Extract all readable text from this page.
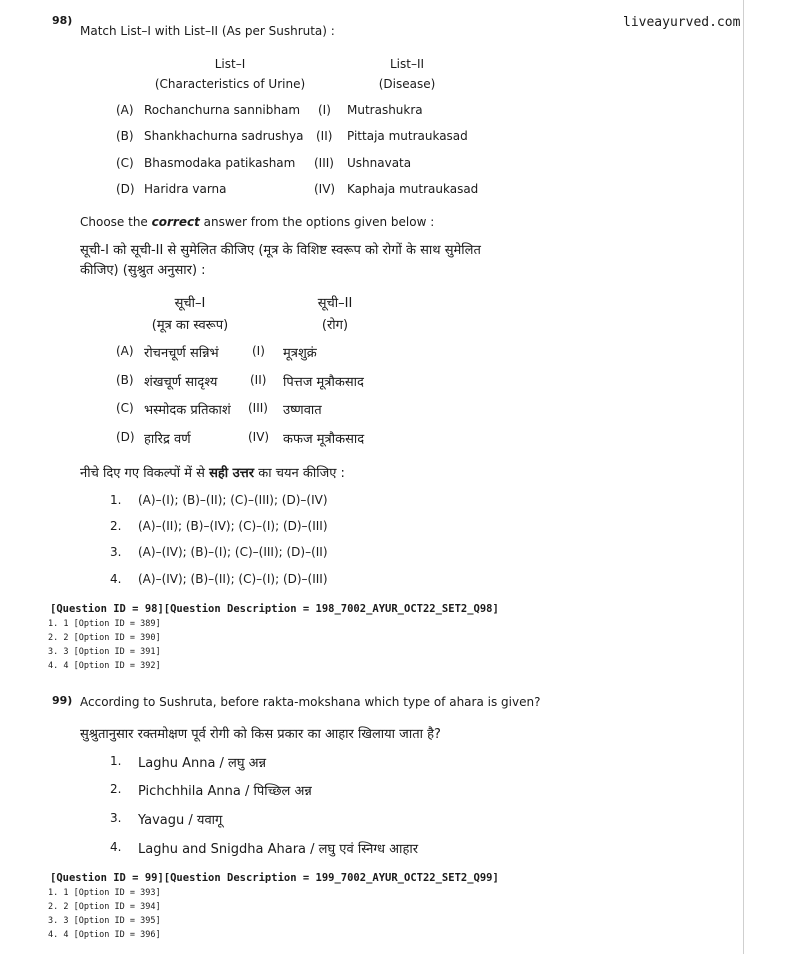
liveayurved.com
98)
Match List–I with List–II (As per Sushruta) :
List–I
(Characteristics of Urine)
List–II
(Disease)
(A) Rochanchurna sannibham (I) Mutrashukra
(B) Shankhachurna sadrushya (II) Pittaja mutraukasad
(C) Bhasmodaka patikasham (III) Ushnavata
(D) Haridra varna	(IV) Kaphaja mutraukasad
Choose the correct answer from the options given below :
सूची-I को सूची-II से सुमेलित कीजिए (मूत्र के विशिष्ट स्वरूप को रोगों के साथ सुमेलित
कीजिए) (सुश्रुत अनुसार) :
सूची–I
(मूत्र का स्वरूप)
सूची–II
(रोग)
(A) रोचनचूर्ण सन्निभं	(I) मूत्रशुक्रं
(B) शंखचूर्ण सादृश्य	(II) पित्तज मूत्रौकसाद
(C) भस्मोदक प्रतिकाशं (III) उष्णवात
(D) हारिद्र वर्ण	(IV) कफज मूत्रौकसाद
नीचे दिए गए विकल्पों में से सही उत्तर का चयन कीजिए :
1. (A)–(I); (B)–(II); (C)–(III); (D)–(IV)
2. (A)–(II); (B)–(IV); (C)–(I); (D)–(III)
3. (A)–(IV); (B)–(I); (C)–(III); (D)–(II)
4. (A)–(IV); (B)–(II); (C)–(I); (D)–(III)
[Question ID = 98][Question Description = 198_7002_AYUR_OCT22_SET2_Q98]
1. 1 [Option ID = 389]
2. 2 [Option ID = 390]
3. 3 [Option ID = 391]
4. 4 [Option ID = 392]
99) According to Sushruta, before rakta-mokshana which type of ahara is given?
सुश्रुतानुसार रक्तमोक्षण पूर्व रोगी को किस प्रकार का आहार खिलाया जाता है?
1. Laghu Anna / लघु अन्न
2. Pichchhila Anna / पिच्छिल अन्न
3. Yavagu / यवागू
4. Laghu and Snigdha Ahara / लघु एवं स्निग्ध आहार
[Question ID = 99][Question Description = 199_7002_AYUR_OCT22_SET2_Q99]
1. 1 [Option ID = 393]
2. 2 [Option ID = 394]
3. 3 [Option ID = 395]
4. 4 [Option ID = 396]
